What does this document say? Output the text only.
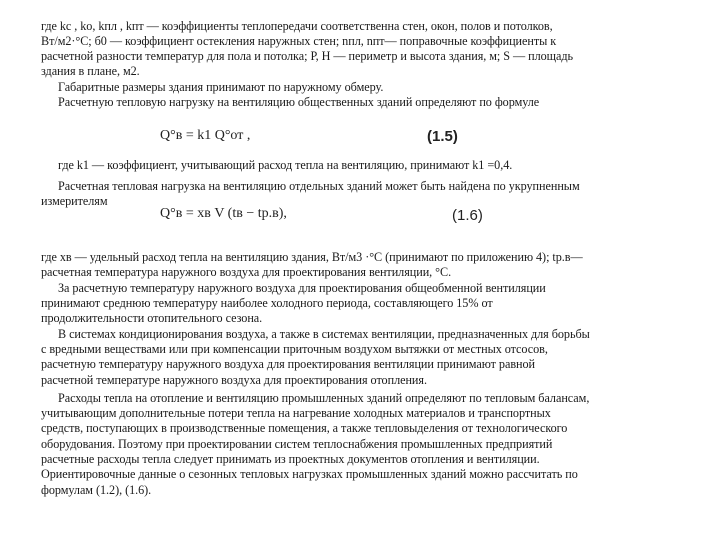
где kс , kо, kпл , kпт — коэффициенты теплопередачи соответственна стен, окон, полов и потолков,
Вт/м2·°С; б0 — коэффициент остекления наружных стен; nпл, nпт— поправочные коэффициенты к
расчетной разности температур для пола и потолка; Р, Н — периметр и высота здания, м; S — площадь
здания в плане, м2.
Габаритные размеры здания принимают по наружному обмеру.
Расчетную тепловую нагрузку на вентиляцию общественных зданий определяют по формуле
Q°в = k1 Q°от ,	(1.5)
где k1 — коэффициент, учитывающий расход тепла на вентиляцию, принимают k1 =0,4.
Расчетная тепловая нагрузка на вентиляцию отдельных зданий может быть найдена по укрупненным
измерителям
Q°в = xв V (tв − tр.в),	(1.6)
где хв — удельный расход тепла на вентиляцию здания, Вт/м3 ·°С (принимают по приложению 4); tр.в—
расчетная температура наружного воздуха для проектирования вентиляции, °С.
За расчетную температуру наружного воздуха для проектирования общеобменной вентиляции
принимают среднюю температуру наиболее холодного периода, составляющего 15% от
продолжительности отопительного сезона.
В системах кондиционирования воздуха, а также в системах вентиляции, предназначенных для борьбы
с вредными веществами или при компенсации приточным воздухом вытяжки от местных отсосов,
расчетную температуру наружного воздуха для проектирования вентиляции принимают равной
расчетной температуре наружного воздуха для проектирования отопления.
Расходы тепла на отопление и вентиляцию промышленных зданий определяют по тепловым балансам,
учитывающим дополнительные потери тепла на нагревание холодных материалов и транспортных
средств, поступающих в производственные помещения, а также тепловыделения от технологического
оборудования. Поэтому при проектировании систем теплоснабжения промышленных предприятий
расчетные расходы тепла следует принимать из проектных документов отопления и вентиляции.
Ориентировочные данные о сезонных тепловых нагрузках промышленных зданий можно рассчитать по
формулам (1.2), (1.6).
